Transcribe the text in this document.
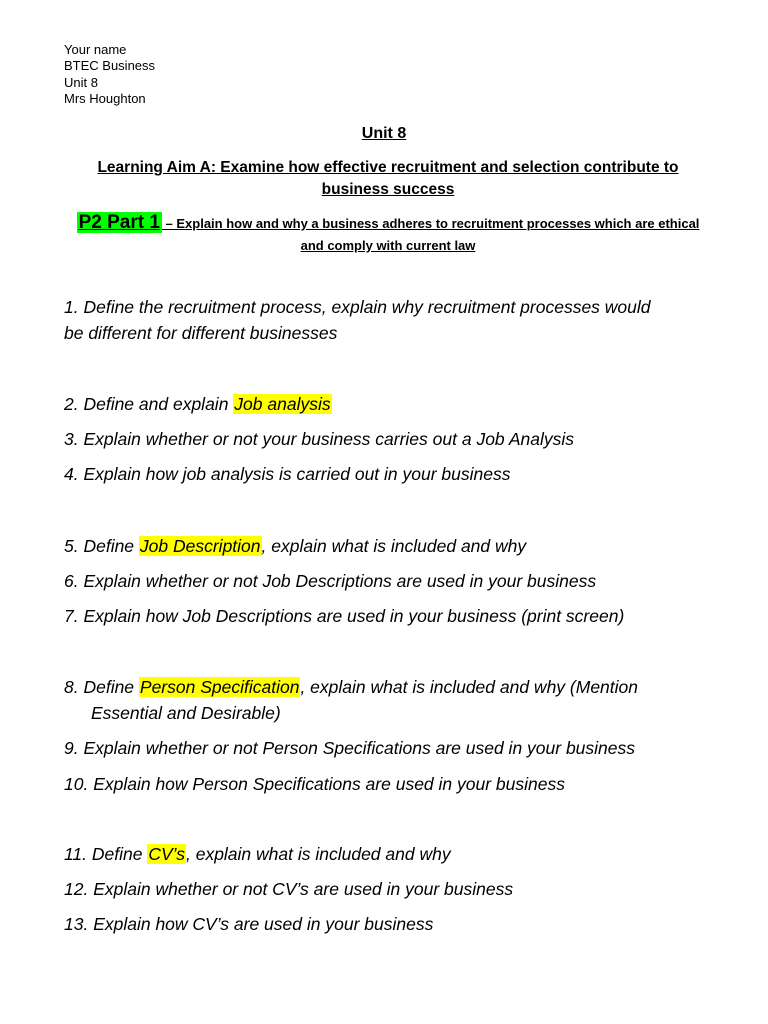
Your name
BTEC Business
Unit 8
Mrs Houghton
Unit 8
Learning Aim A: Examine how effective recruitment and selection contribute to business success
P2 Part 1 – Explain how and why a business adheres to recruitment processes which are ethical and comply with current law
1. Define the recruitment process, explain why recruitment processes would
be different for different businesses
2. Define and explain Job analysis
3. Explain whether or not your business carries out a Job Analysis
4. Explain how job analysis is carried out in your business
5. Define Job Description, explain what is included and why
6. Explain whether or not Job Descriptions are used in your business
7. Explain how Job Descriptions are used in your business (print screen)
8. Define Person Specification, explain what is included and why (Mention
Essential and Desirable)
9. Explain whether or not Person Specifications are used in your business
10. Explain how Person Specifications are used in your business
11. Define CV’s, explain what is included and why
12. Explain whether or not CV’s are used in your business
13. Explain how CV’s are used in your business
